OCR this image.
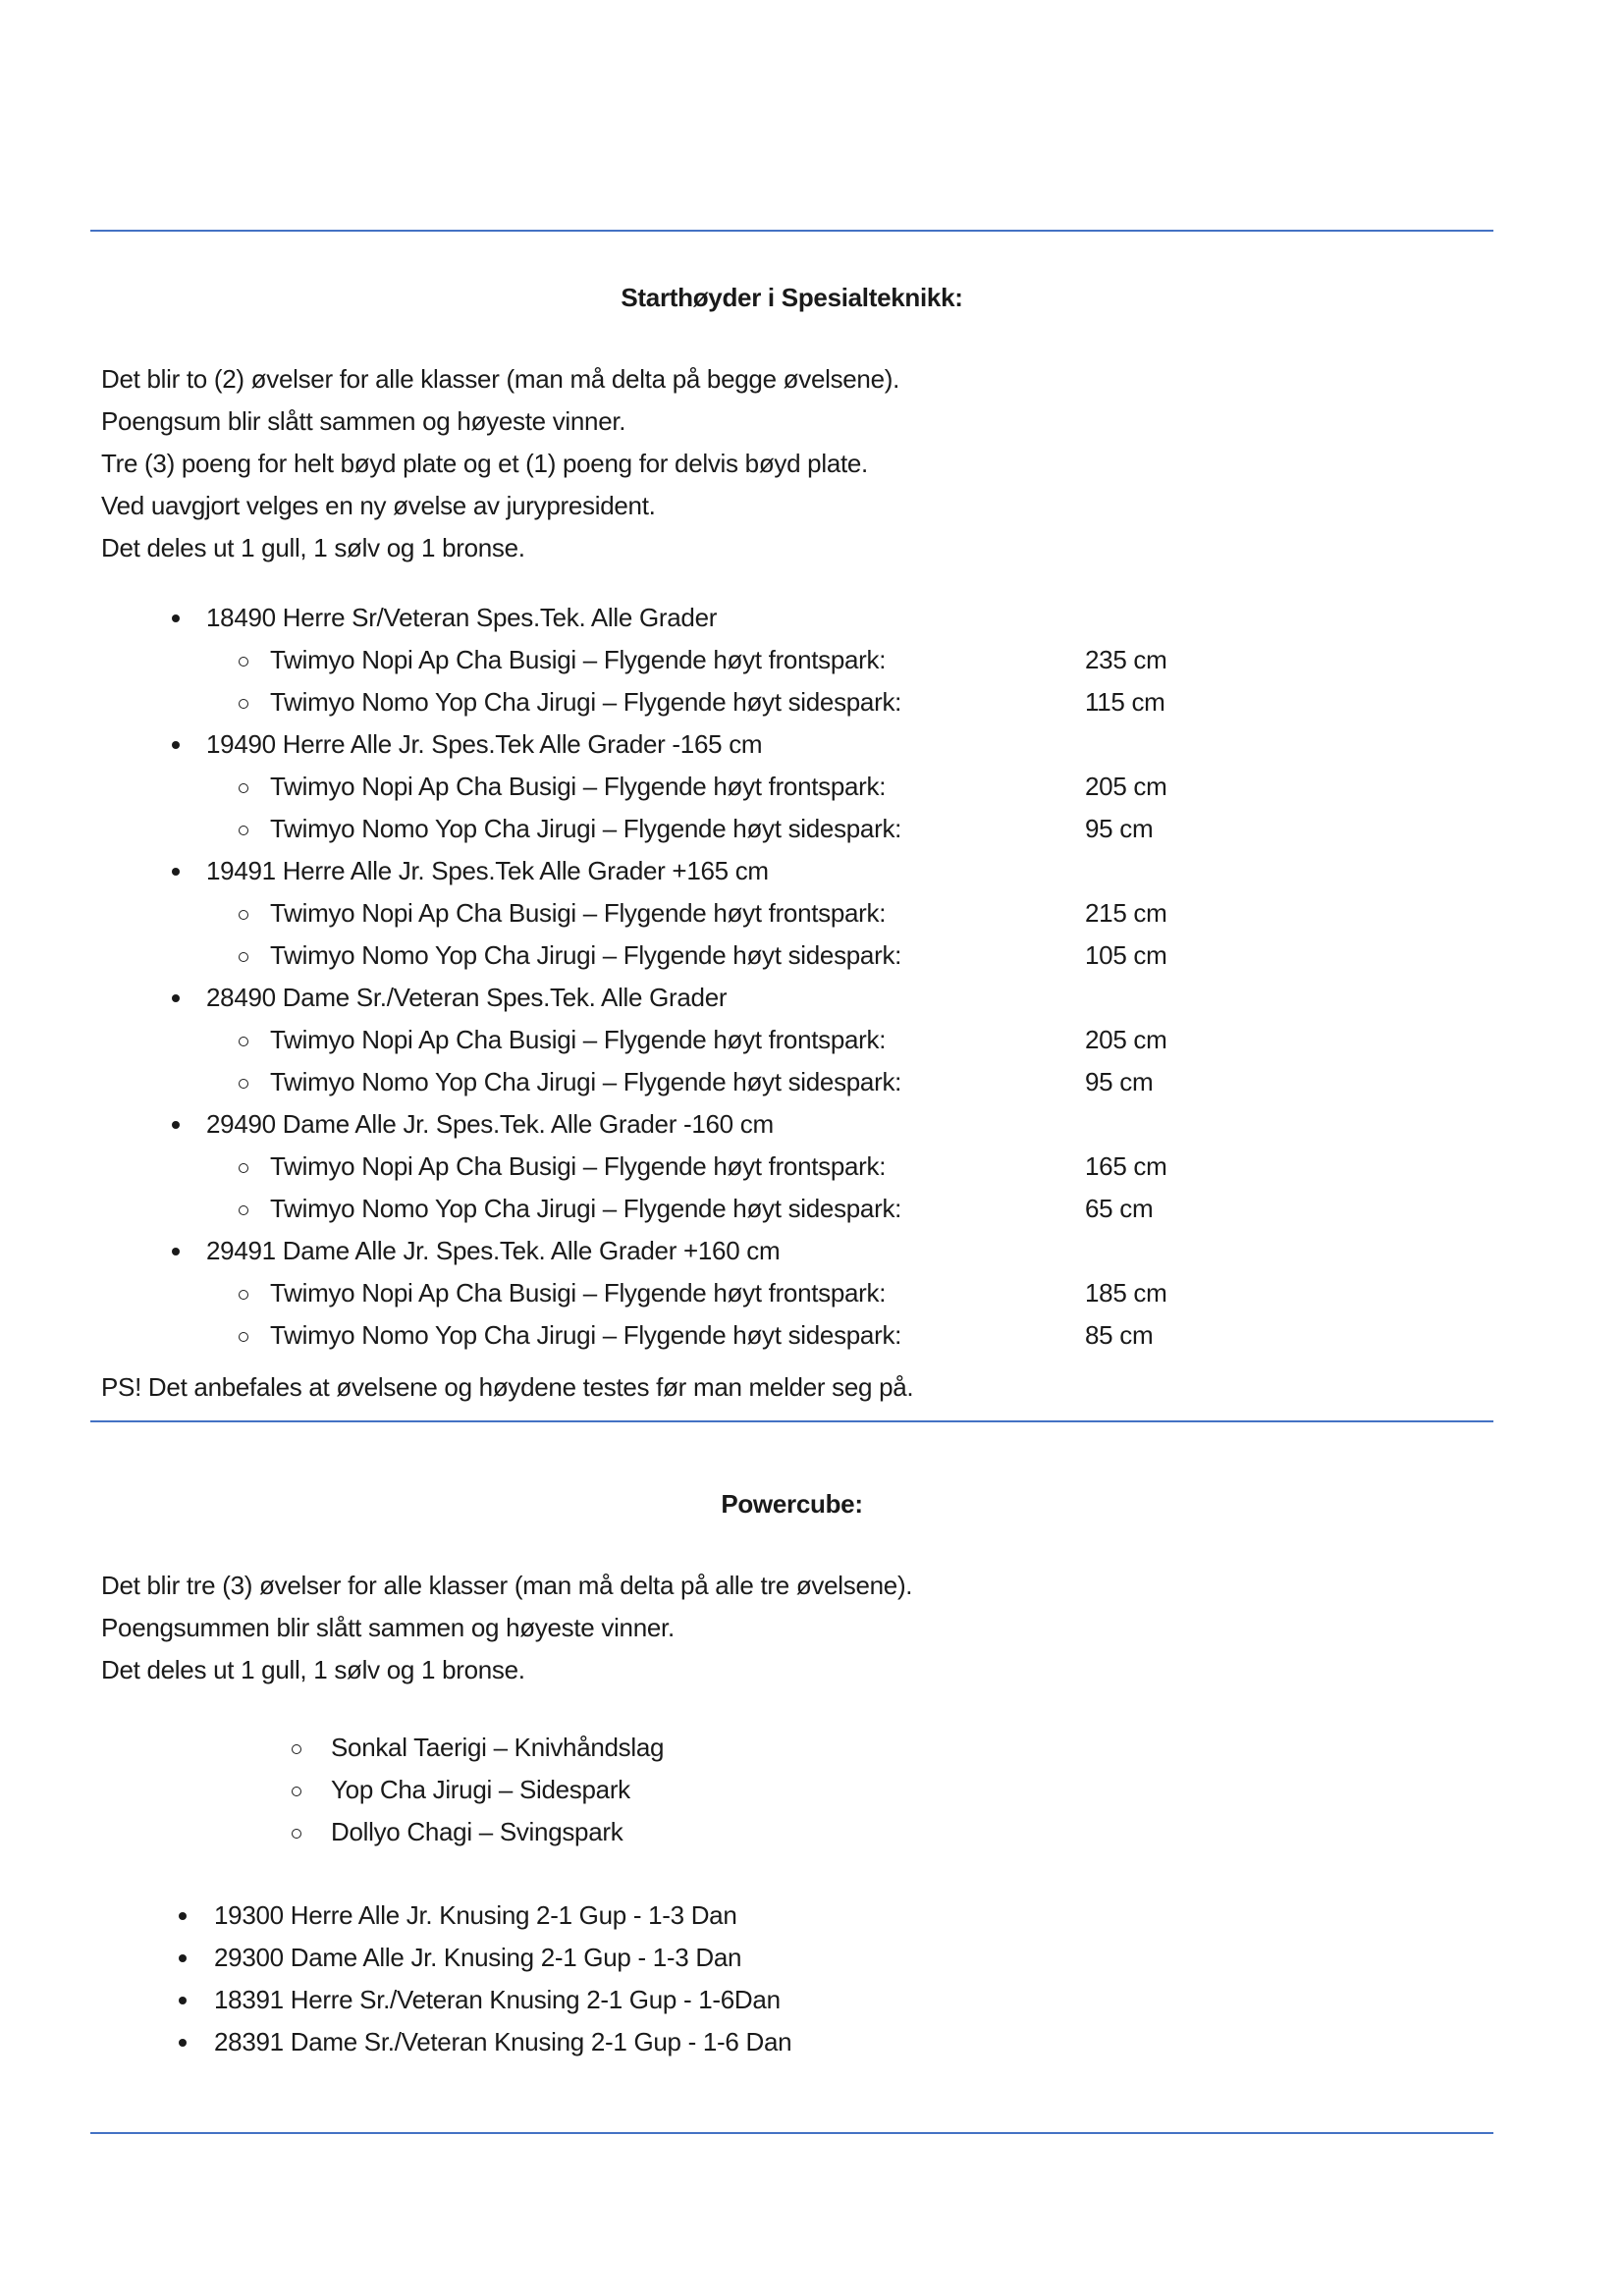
Starthøyder i Spesialteknikk:
Det blir to (2) øvelser for alle klasser (man må delta på begge øvelsene).
Poengsum blir slått sammen og høyeste vinner.
Tre (3) poeng for helt bøyd plate og et (1) poeng for delvis bøyd plate.
Ved uavgjort velges en ny øvelse av jurypresident.
Det deles ut 1 gull, 1 sølv og 1 bronse.
18490 Herre Sr/Veteran Spes.Tek. Alle Grader
Twimyo Nopi Ap Cha Busigi – Flygende høyt frontspark:	235 cm
Twimyo Nomo Yop Cha Jirugi – Flygende høyt sidespark:	115 cm
19490 Herre Alle Jr. Spes.Tek Alle Grader -165 cm
Twimyo Nopi Ap Cha Busigi – Flygende høyt frontspark:	205 cm
Twimyo Nomo Yop Cha Jirugi – Flygende høyt sidespark:	95 cm
19491 Herre Alle Jr. Spes.Tek Alle Grader +165 cm
Twimyo Nopi Ap Cha Busigi – Flygende høyt frontspark:	215 cm
Twimyo Nomo Yop Cha Jirugi – Flygende høyt sidespark:	105 cm
28490 Dame Sr./Veteran Spes.Tek. Alle Grader
Twimyo Nopi Ap Cha Busigi – Flygende høyt frontspark:	205 cm
Twimyo Nomo Yop Cha Jirugi – Flygende høyt sidespark:	95 cm
29490 Dame Alle Jr. Spes.Tek. Alle Grader -160 cm
Twimyo Nopi Ap Cha Busigi – Flygende høyt frontspark:	165 cm
Twimyo Nomo Yop Cha Jirugi – Flygende høyt sidespark:	65 cm
29491 Dame Alle Jr. Spes.Tek. Alle Grader +160 cm
Twimyo Nopi Ap Cha Busigi – Flygende høyt frontspark:	185 cm
Twimyo Nomo Yop Cha Jirugi – Flygende høyt sidespark:	85 cm

PS! Det anbefales at øvelsene og høydene testes før man melder seg på.

Powercube:
Det blir tre (3) øvelser for alle klasser (man må delta på alle tre øvelsene).
Poengsummen blir slått sammen og høyeste vinner.
Det deles ut 1 gull, 1 sølv og 1 bronse.
Sonkal Taerigi – Knivhåndslag
Yop Cha Jirugi – Sidespark
Dollyo Chagi – Svingspark
19300 Herre Alle Jr. Knusing 2-1 Gup - 1-3 Dan
29300 Dame Alle Jr. Knusing 2-1 Gup - 1-3 Dan
18391 Herre Sr./Veteran Knusing 2-1 Gup - 1-6Dan
28391 Dame Sr./Veteran Knusing 2-1 Gup - 1-6 Dan
